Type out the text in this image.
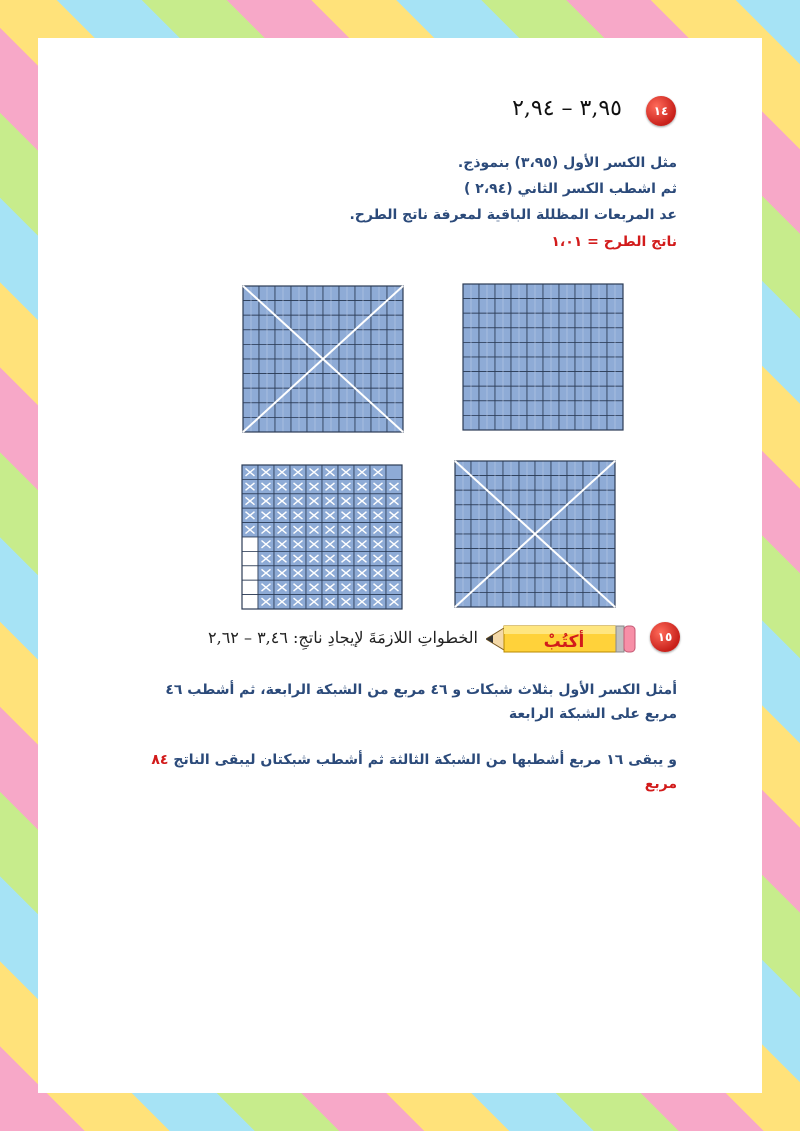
١٤
٣,٩٥ – ٢,٩٤
مثل الكسر الأول (٣،٩٥) بنموذج.
ثم اشطب الكسر الثاني (٢،٩٤ )
عد المربعات المظللة الباقية لمعرفة ناتج الطرح.
ناتج الطرح = ١،٠١
١٥
أكتُبْ
الخطواتِ اللازمَةَ لإيجادِ ناتجِ: ٣,٤٦ – ٢,٦٢
أمثل الكسر الأول بثلاث شبكات و ٤٦ مربع من الشبكة الرابعة، ثم أشطب ٤٦ مربع على الشبكة الرابعة
و يبقى ١٦ مربع أشطبها من الشبكة الثالثة ثم أشطب شبكتان ليبقى الناتج ٨٤ مربع
